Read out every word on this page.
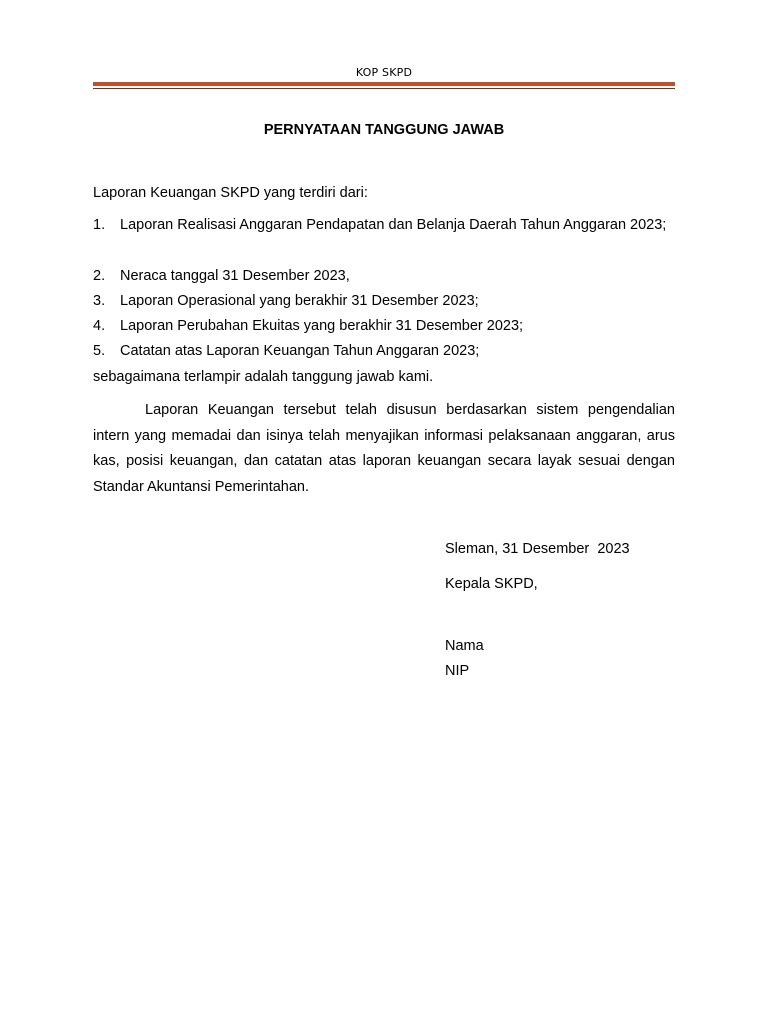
KOP SKPD
PERNYATAAN TANGGUNG JAWAB
Laporan Keuangan SKPD yang terdiri dari:
1. Laporan Realisasi Anggaran Pendapatan dan Belanja Daerah Tahun Anggaran 2023;
2. Neraca tanggal 31 Desember 2023,
3. Laporan Operasional yang berakhir 31 Desember 2023;
4. Laporan Perubahan Ekuitas yang berakhir 31 Desember 2023;
5. Catatan atas Laporan Keuangan Tahun Anggaran 2023;
sebagaimana terlampir adalah tanggung jawab kami.
Laporan Keuangan tersebut telah disusun berdasarkan sistem pengendalian intern yang memadai dan isinya telah menyajikan informasi pelaksanaan anggaran, arus kas, posisi keuangan, dan catatan atas laporan keuangan secara layak sesuai dengan Standar Akuntansi Pemerintahan.
Sleman, 31 Desember  2023
Kepala SKPD,
Nama
NIP
